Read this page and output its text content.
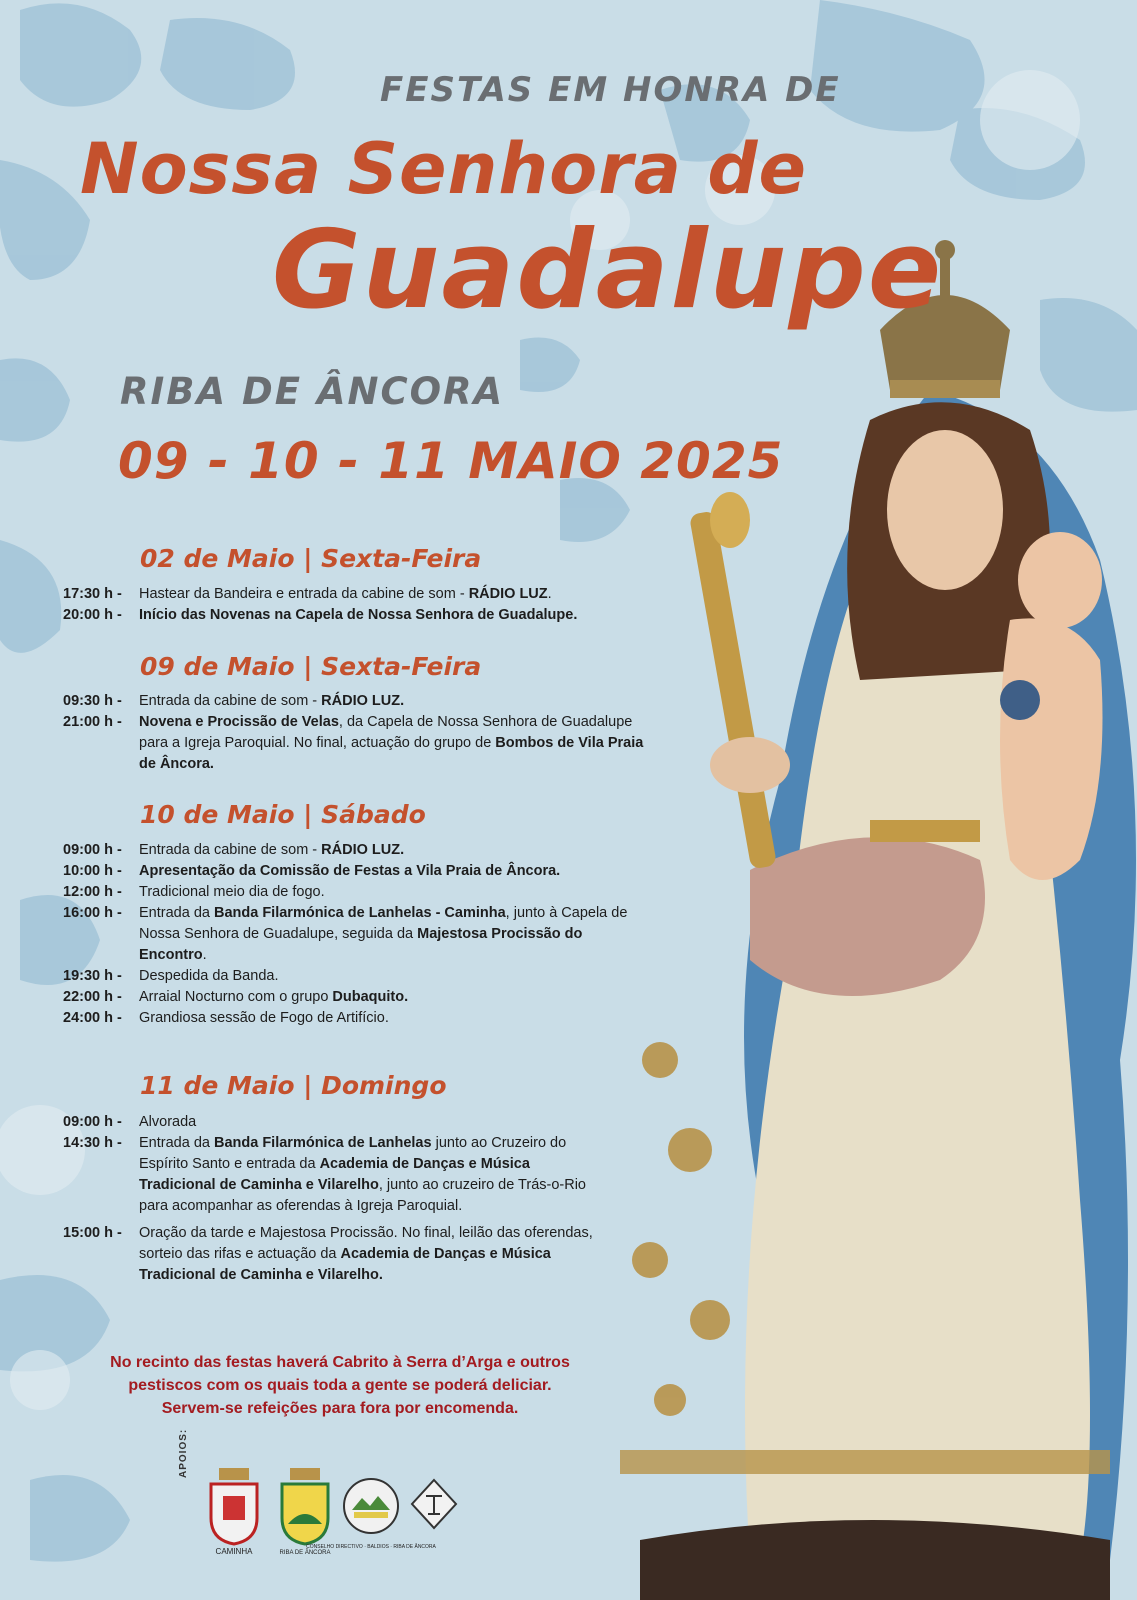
FESTAS EM HONRA DE
Nossa Senhora de
Guadalupe
RIBA DE ÂNCORA
09 - 10 - 11 MAIO 2025
02 de Maio | Sexta-Feira
17:30 h -	Hastear da Bandeira e entrada da cabine de som - RÁDIO LUZ.
20:00 h -	Início das Novenas na Capela de Nossa Senhora de Guadalupe.
09 de Maio | Sexta-Feira
09:30 h -	Entrada da cabine de som - RÁDIO LUZ.
21:00 h -	Novena e Procissão de Velas, da Capela de Nossa Senhora de Guadalupe para a Igreja Paroquial. No final, actuação do grupo de Bombos de Vila Praia de Âncora.
10 de Maio | Sábado
09:00 h -	Entrada da cabine de som - RÁDIO LUZ.
10:00 h -	Apresentação da Comissão de Festas a Vila Praia de Âncora.
12:00 h -	Tradicional meio dia de fogo.
16:00 h -	Entrada da Banda Filarmónica de Lanhelas - Caminha, junto à Capela de Nossa Senhora de Guadalupe, seguida da Majestosa Procissão do Encontro.
19:30 h -	Despedida da Banda.
22:00 h -	Arraial Nocturno com o grupo Dubaquito.
24:00 h -	Grandiosa sessão de Fogo de Artifício.
11 de Maio | Domingo
09:00 h -	Alvorada
14:30 h -	Entrada da Banda Filarmónica de Lanhelas junto ao Cruzeiro do Espírito Santo e entrada da Academia de Danças e Música Tradicional de Caminha e Vilarelho, junto ao cruzeiro de Trás-o-Rio para acompanhar as oferendas à Igreja Paroquial.
15:00 h -	Oração da tarde e Majestosa Procissão. No final, leilão das oferendas, sorteio das rifas e actuação da Academia de Danças e Música Tradicional de Caminha e Vilarelho.
No recinto das festas haverá Cabrito à Serra d’Arga e outros
pestiscos com os quais toda a gente se poderá deliciar.
Servem-se refeições para fora por encomenda.
APOIOS:
CAMINHA	RIBA DE ÂNCORA
CONSELHO DIRECTIVO · BALDIOS · RIBA DE ÂNCORA
